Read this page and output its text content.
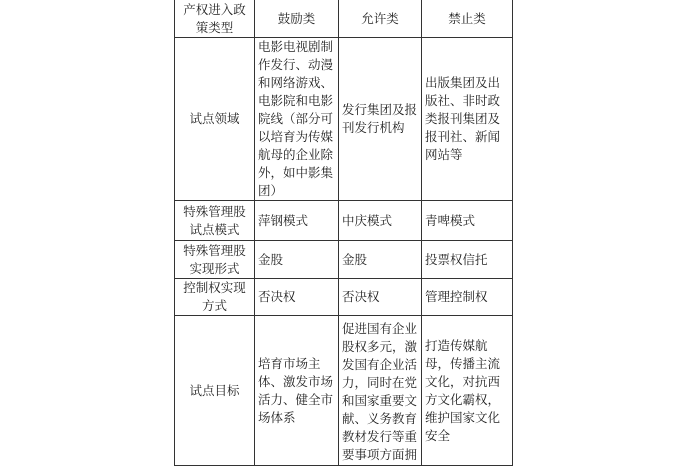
产权进入政策类型	鼓励类	允许类	禁止类
试点领域	电影电视剧制作发行、动漫和网络游戏、电影院和电影院线（部分可以培育为传媒航母的企业除外，如中影集团）	发行集团及报刊发行机构	出版集团及出版社、非时政类报刊集团及报刊社、新闻网站等
特殊管理股试点模式	萍钢模式	中庆模式	青啤模式
特殊管理股实现形式	金股	金股	投票权信托
控制权实现方式	否决权	否决权	管理控制权
试点目标	培育市场主体、激发市场活力、健全市场体系	促进国有企业股权多元，激发国有企业活力，同时在党和国家重要文献、义务教育教材发行等重要事项方面拥	打造传媒航母，传播主流文化，对抗西方文化霸权，维护国家文化安全
